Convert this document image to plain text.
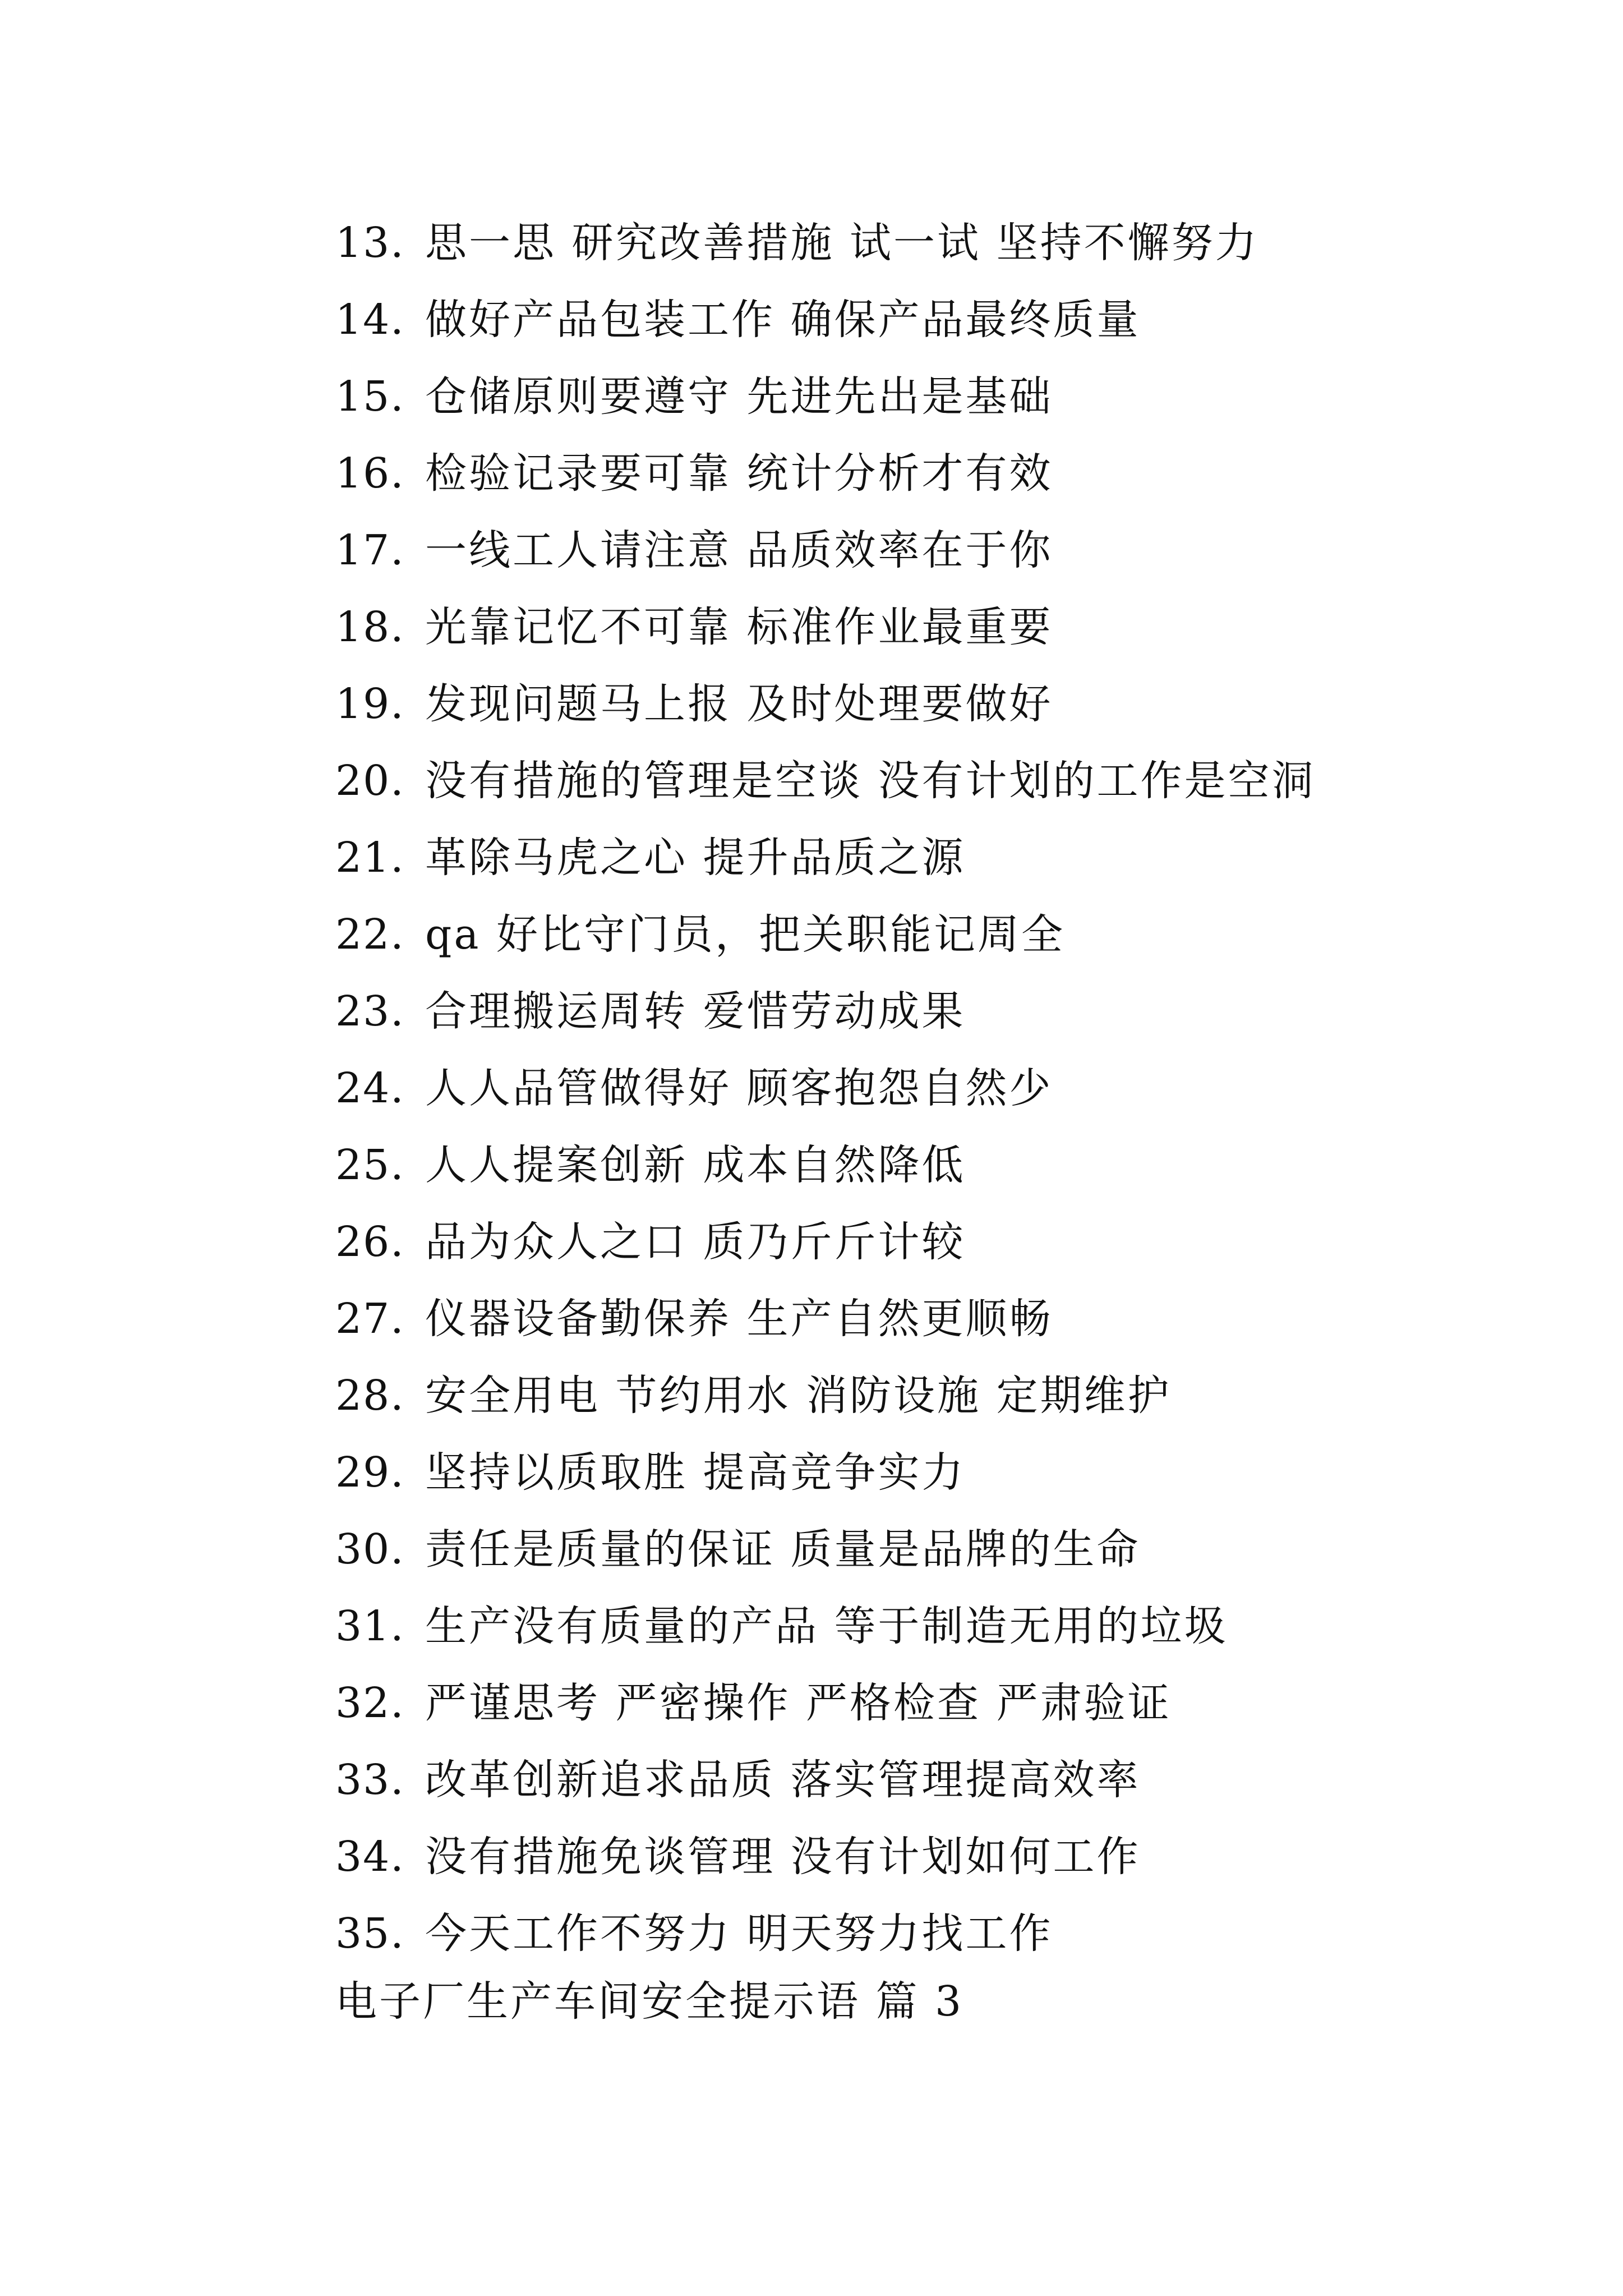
13. 思一思 研究改善措施 试一试 坚持不懈努力
14. 做好产品包装工作 确保产品最终质量
15. 仓储原则要遵守 先进先出是基础
16. 检验记录要可靠 统计分析才有效
17. 一线工人请注意 品质效率在于你
18. 光靠记忆不可靠 标准作业最重要
19. 发现问题马上报 及时处理要做好
20. 没有措施的管理是空谈 没有计划的工作是空洞
21. 革除马虎之心 提升品质之源
22. qa 好比守门员，把关职能记周全
23. 合理搬运周转 爱惜劳动成果
24. 人人品管做得好 顾客抱怨自然少
25. 人人提案创新 成本自然降低
26. 品为众人之口 质乃斤斤计较
27. 仪器设备勤保养 生产自然更顺畅
28. 安全用电 节约用水 消防设施 定期维护
29. 坚持以质取胜 提高竞争实力
30. 责任是质量的保证 质量是品牌的生命
31. 生产没有质量的产品 等于制造无用的垃圾
32. 严谨思考 严密操作 严格检查 严肃验证
33. 改革创新追求品质 落实管理提高效率
34. 没有措施免谈管理 没有计划如何工作
35. 今天工作不努力 明天努力找工作
电子厂生产车间安全提示语 篇 3
